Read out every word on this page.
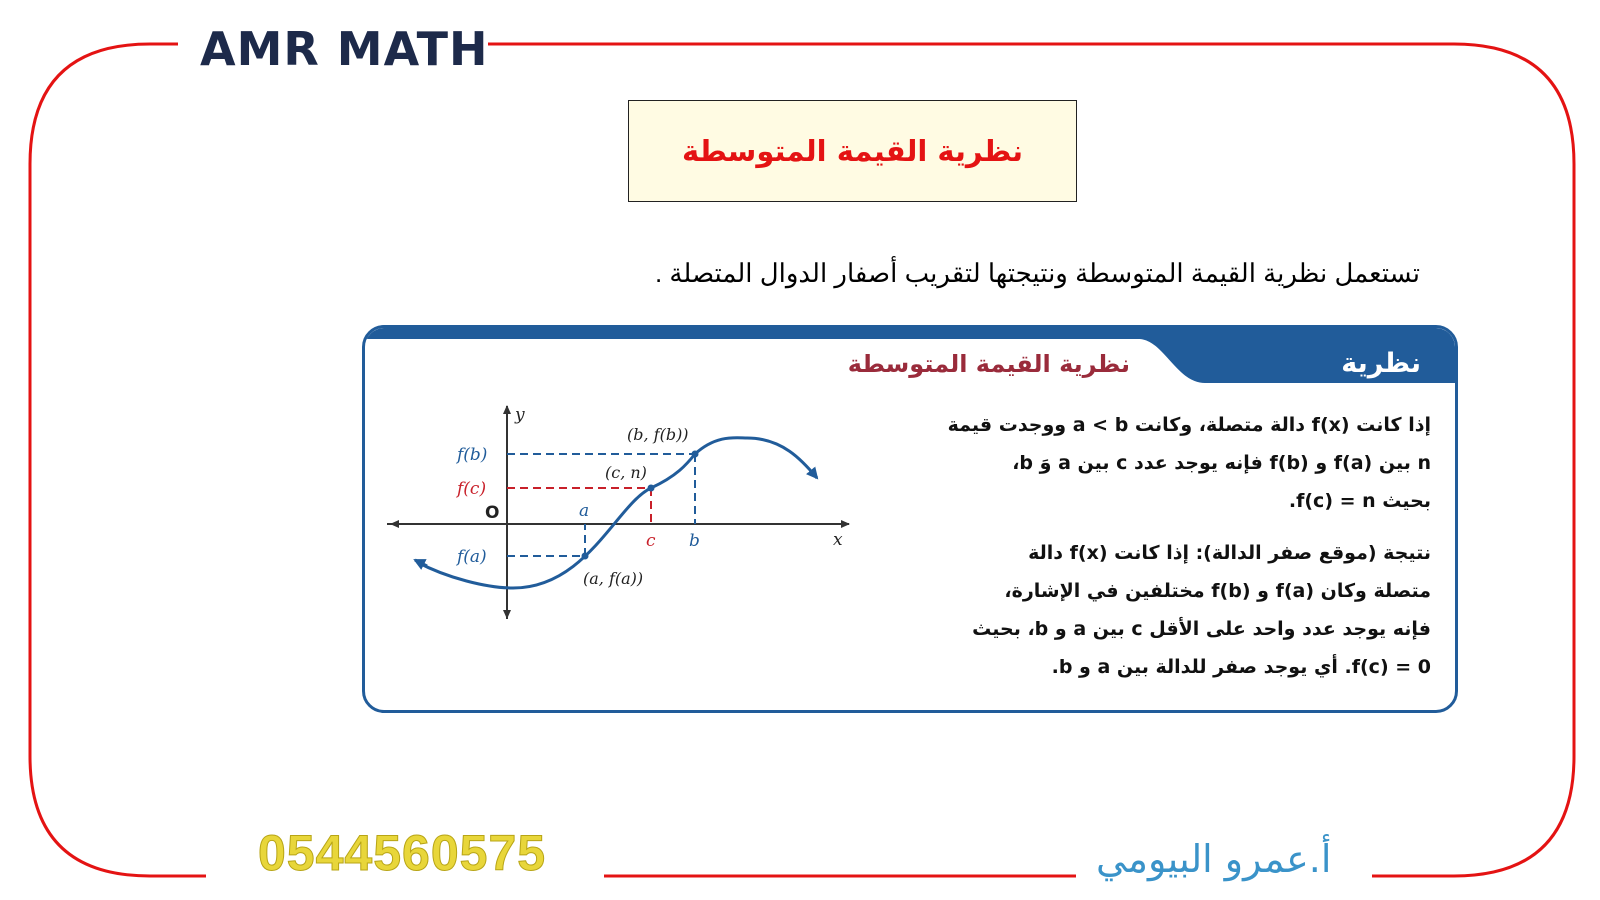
AMR MATH
0544560575	أ.عمرو البيومي
نظرية القيمة المتوسطة
تستعمل نظرية القيمة المتوسطة ونتيجتها لتقريب أصفار الدوال المتصلة .
نظرية
نظرية القيمة المتوسطة

إذا كانت f(x) دالة متصلة، وكانت a < b ووجدت قيمة

n بين f(a) و f(b) فإنه يوجد عدد c بين a وَ b،

بحيث f(c) = n.

نتيجة (موقع صفر الدالة): إذا كانت f(x) دالة

متصلة وكان f(a) و f(b) مختلفين في الإشارة،

فإنه يوجد عدد واحد على الأقل c بين a و b، بحيث

f(c) = 0. أي يوجد صفر للدالة بين a و b.

y
x
O
f(b)
f(c)
f(a)
a
c b
(b, f(b))
(c, n)
(a, f(a))
